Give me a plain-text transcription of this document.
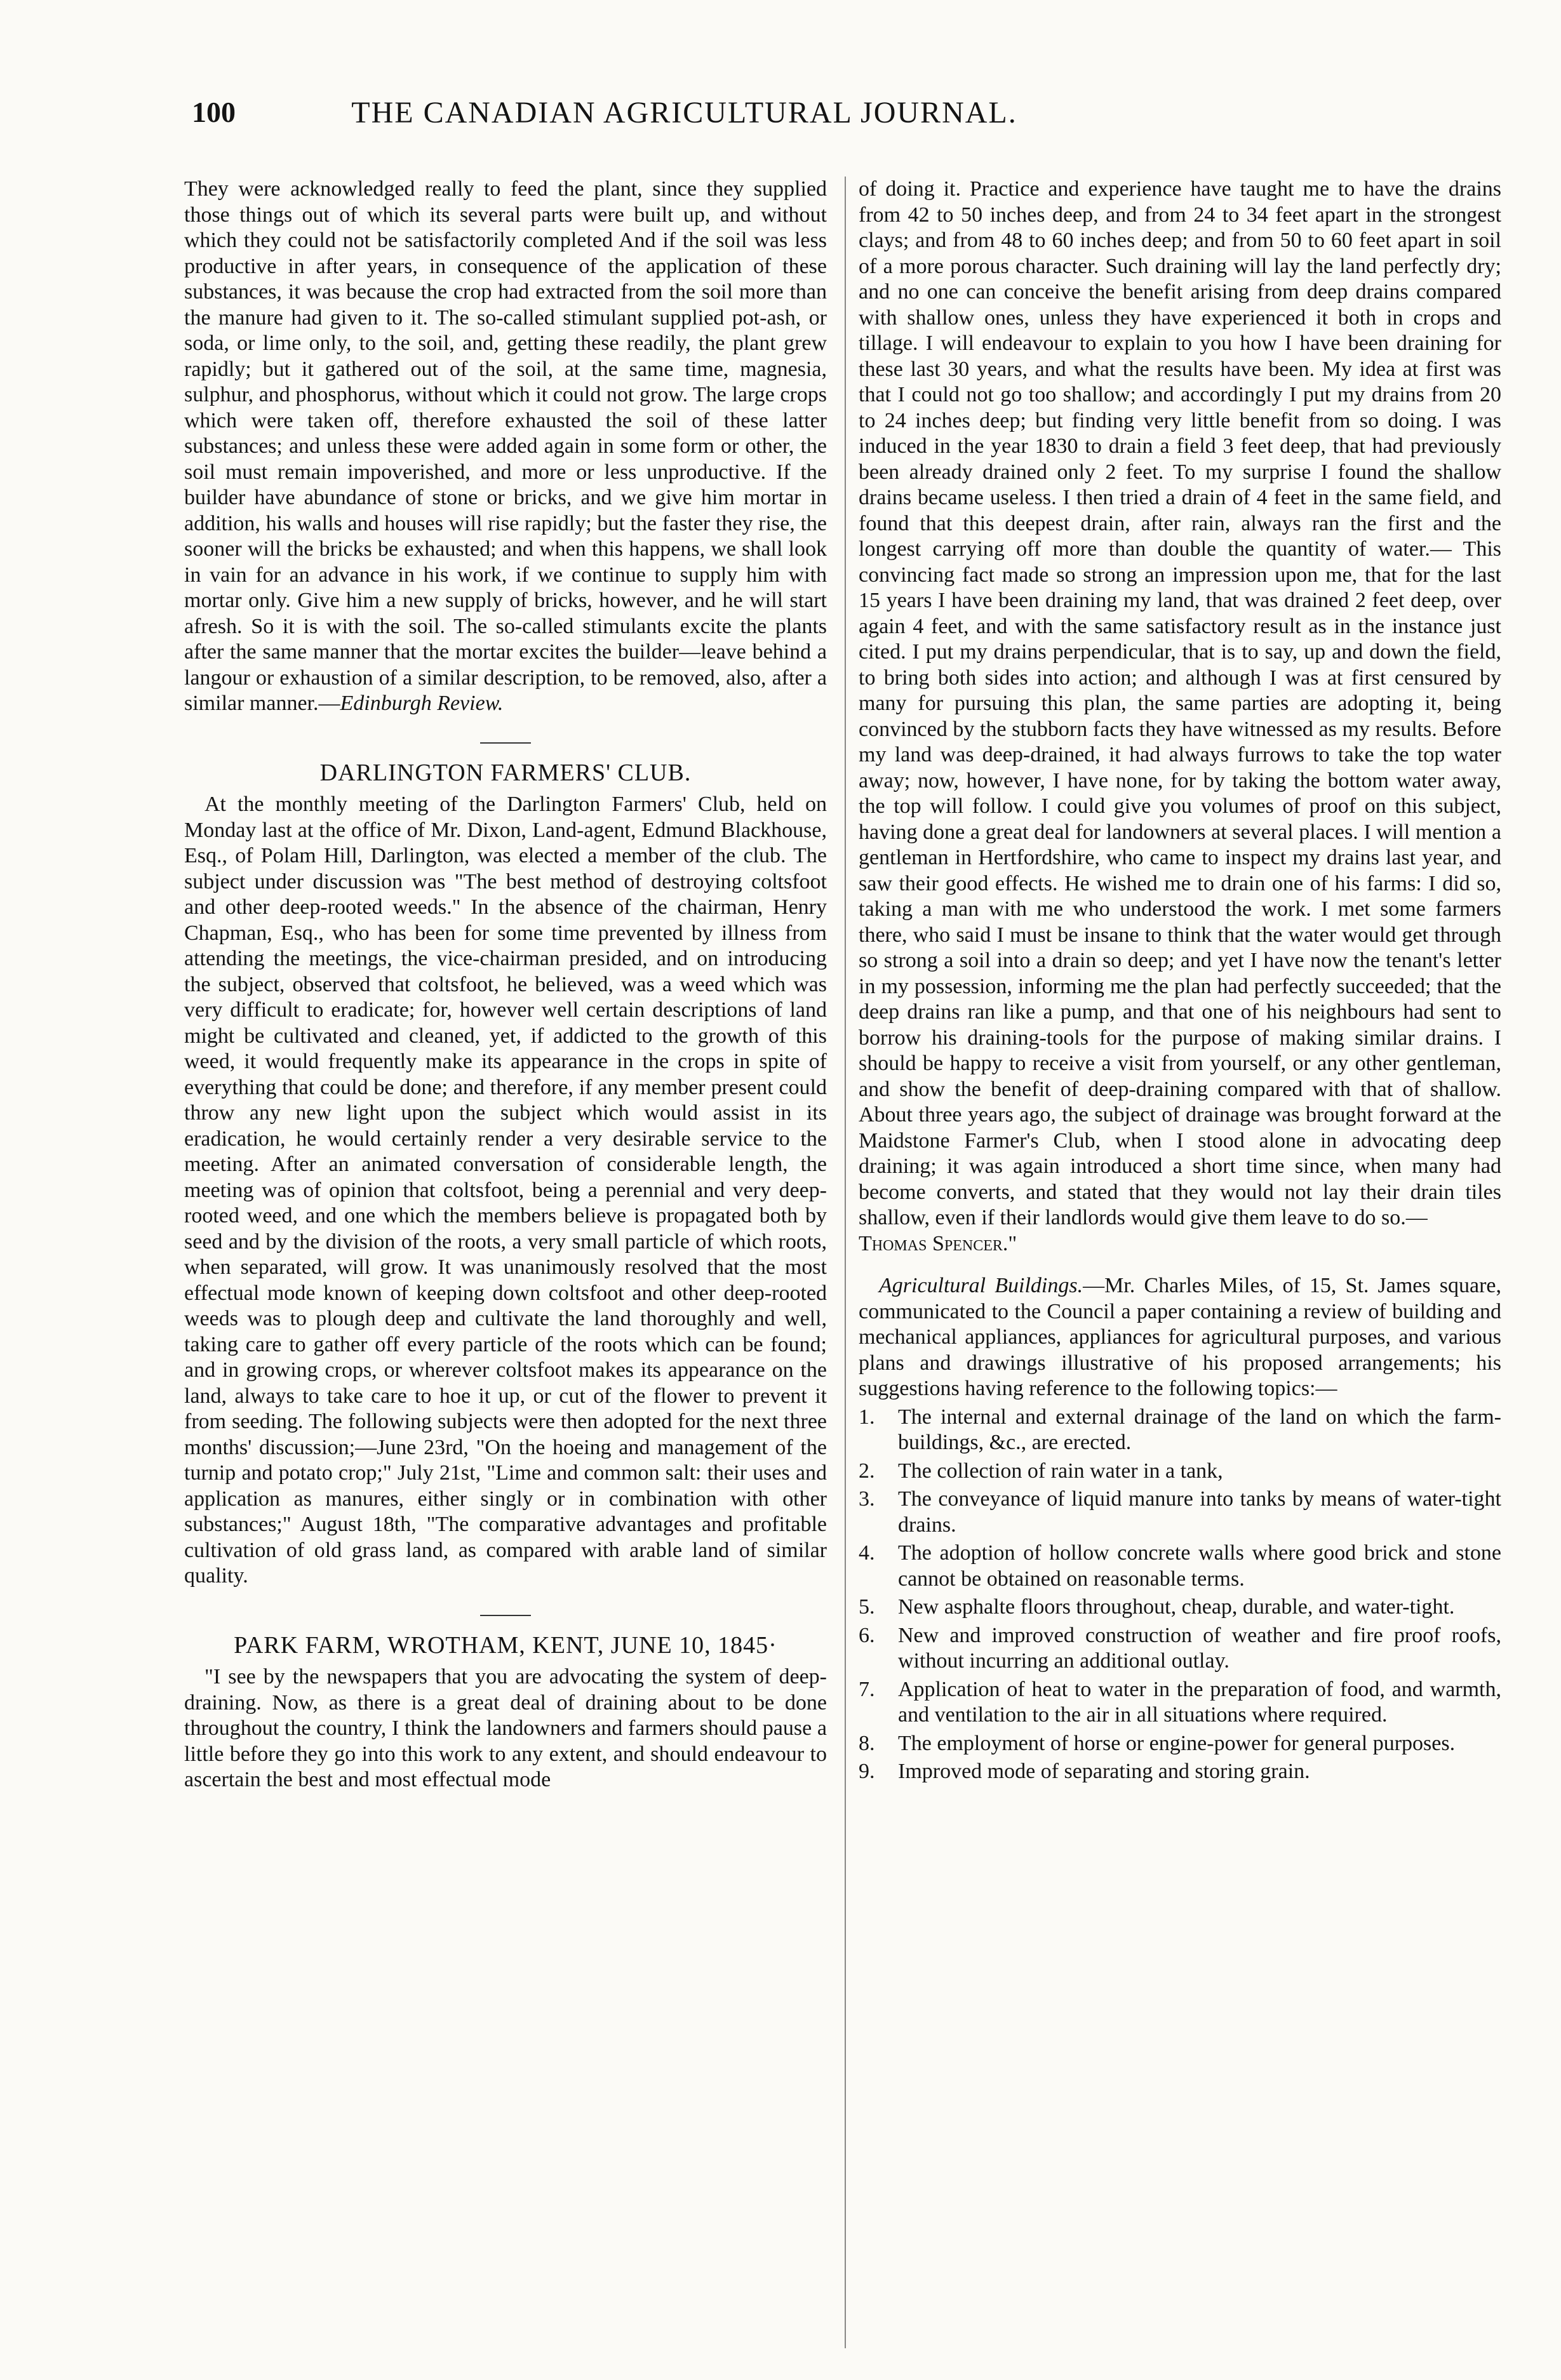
100	THE CANADIAN AGRICULTURAL JOURNAL.

They were acknowledged really to feed the plant, since they supplied those things out of which its several parts were built up, and without which they could not be satisfactorily completed And if the soil was less productive in after years, in consequence of the application of these substances, it was because the crop had extracted from the soil more than the manure had given to it. The so-called stimulant supplied pot-ash, or soda, or lime only, to the soil, and, getting these readily, the plant grew rapidly; but it gathered out of the soil, at the same time, magnesia, sulphur, and phosphorus, without which it could not grow. The large crops which were taken off, therefore exhausted the soil of these latter substances; and unless these were added again in some form or other, the soil must remain impoverished, and more or less unproductive. If the builder have abundance of stone or bricks, and we give him mortar in addition, his walls and houses will rise rapidly; but the faster they rise, the sooner will the bricks be exhausted; and when this happens, we shall look in vain for an advance in his work, if we continue to supply him with mortar only. Give him a new supply of bricks, however, and he will start afresh. So it is with the soil. The so-called stimulants excite the plants after the same manner that the mortar excites the builder—leave behind a langour or exhaustion of a similar description, to be removed, also, after a similar manner.—Edinburgh Review.

DARLINGTON FARMERS' CLUB.

At the monthly meeting of the Darlington Farmers' Club, held on Monday last at the office of Mr. Dixon, Land-agent, Edmund Blackhouse, Esq., of Polam Hill, Darlington, was elected a member of the club. The subject under discussion was "The best method of destroying coltsfoot and other deep-rooted weeds." In the absence of the chairman, Henry Chapman, Esq., who has been for some time prevented by illness from attending the meetings, the vice-chairman presided, and on introducing the subject, observed that coltsfoot, he believed, was a weed which was very difficult to eradicate; for, however well certain descriptions of land might be cultivated and cleaned, yet, if addicted to the growth of this weed, it would frequently make its appearance in the crops in spite of everything that could be done; and therefore, if any member present could throw any new light upon the subject which would assist in its eradication, he would certainly render a very desirable service to the meeting. After an animated conversation of considerable length, the meeting was of opinion that coltsfoot, being a perennial and very deep-rooted weed, and one which the members believe is propagated both by seed and by the division of the roots, a very small particle of which roots, when separated, will grow. It was unanimously resolved that the most effectual mode known of keeping down coltsfoot and other deep-rooted weeds was to plough deep and cultivate the land thoroughly and well, taking care to gather off every particle of the roots which can be found; and in growing crops, or wherever coltsfoot makes its appearance on the land, always to take care to hoe it up, or cut of the flower to prevent it from seeding. The following subjects were then adopted for the next three months' discussion;—June 23rd, "On the hoeing and management of the turnip and potato crop;" July 21st, "Lime and common salt: their uses and application as manures, either singly or in combination with other substances;" August 18th, "The comparative advantages and profitable cultivation of old grass land, as compared with arable land of similar quality.

PARK FARM, WROTHAM, KENT, JUNE 10, 1845·

"I see by the newspapers that you are advocating the system of deep-draining. Now, as there is a great deal of draining about to be done throughout the country, I think the landowners and farmers should pause a little before they go into this work to any extent, and should endeavour to ascertain the best and most effectual mode

of doing it. Practice and experience have taught me to have the drains from 42 to 50 inches deep, and from 24 to 34 feet apart in the strongest clays; and from 48 to 60 inches deep; and from 50 to 60 feet apart in soil of a more porous character. Such draining will lay the land perfectly dry; and no one can conceive the benefit arising from deep drains compared with shallow ones, unless they have experienced it both in crops and tillage. I will endeavour to explain to you how I have been draining for these last 30 years, and what the results have been. My idea at first was that I could not go too shallow; and accordingly I put my drains from 20 to 24 inches deep; but finding very little benefit from so doing. I was induced in the year 1830 to drain a field 3 feet deep, that had previously been already drained only 2 feet. To my surprise I found the shallow drains became useless. I then tried a drain of 4 feet in the same field, and found that this deepest drain, after rain, always ran the first and the longest carrying off more than double the quantity of water.— This convincing fact made so strong an impression upon me, that for the last 15 years I have been draining my land, that was drained 2 feet deep, over again 4 feet, and with the same satisfactory result as in the instance just cited. I put my drains perpendicular, that is to say, up and down the field, to bring both sides into action; and although I was at first censured by many for pursuing this plan, the same parties are adopting it, being convinced by the stubborn facts they have witnessed as my results. Before my land was deep-drained, it had always furrows to take the top water away; now, however, I have none, for by taking the bottom water away, the top will follow. I could give you volumes of proof on this subject, having done a great deal for landowners at several places. I will mention a gentleman in Hertfordshire, who came to inspect my drains last year, and saw their good effects. He wished me to drain one of his farms: I did so, taking a man with me who understood the work. I met some farmers there, who said I must be insane to think that the water would get through so strong a soil into a drain so deep; and yet I have now the tenant's letter in my possession, informing me the plan had perfectly succeeded; that the deep drains ran like a pump, and that one of his neighbours had sent to borrow his draining-tools for the purpose of making similar drains. I should be happy to receive a visit from yourself, or any other gentleman, and show the benefit of deep-draining compared with that of shallow. About three years ago, the subject of drainage was brought forward at the Maidstone Farmer's Club, when I stood alone in advocating deep draining; it was again introduced a short time since, when many had become converts, and stated that they would not lay their drain tiles shallow, even if their landlords would give them leave to do so.—

Thomas Spencer."

Agricultural Buildings.—Mr. Charles Miles, of 15, St. James square, communicated to the Council a paper containing a review of building and mechanical appliances, appliances for agricultural purposes, and various plans and drawings illustrative of his proposed arrangements; his suggestions having reference to the following topics:—

1. The internal and external drainage of the land on which the farm-buildings, &c., are erected.
2. The collection of rain water in a tank,
3. The conveyance of liquid manure into tanks by means of water-tight drains.
4. The adoption of hollow concrete walls where good brick and stone cannot be obtained on reasonable terms.
5. New asphalte floors throughout, cheap, durable, and water-tight.
6. New and improved construction of weather and fire proof roofs, without incurring an additional outlay.
7. Application of heat to water in the preparation of food, and warmth, and ventilation to the air in all situations where required.
8. The employment of horse or engine-power for general purposes.
9. Improved mode of separating and storing grain.
